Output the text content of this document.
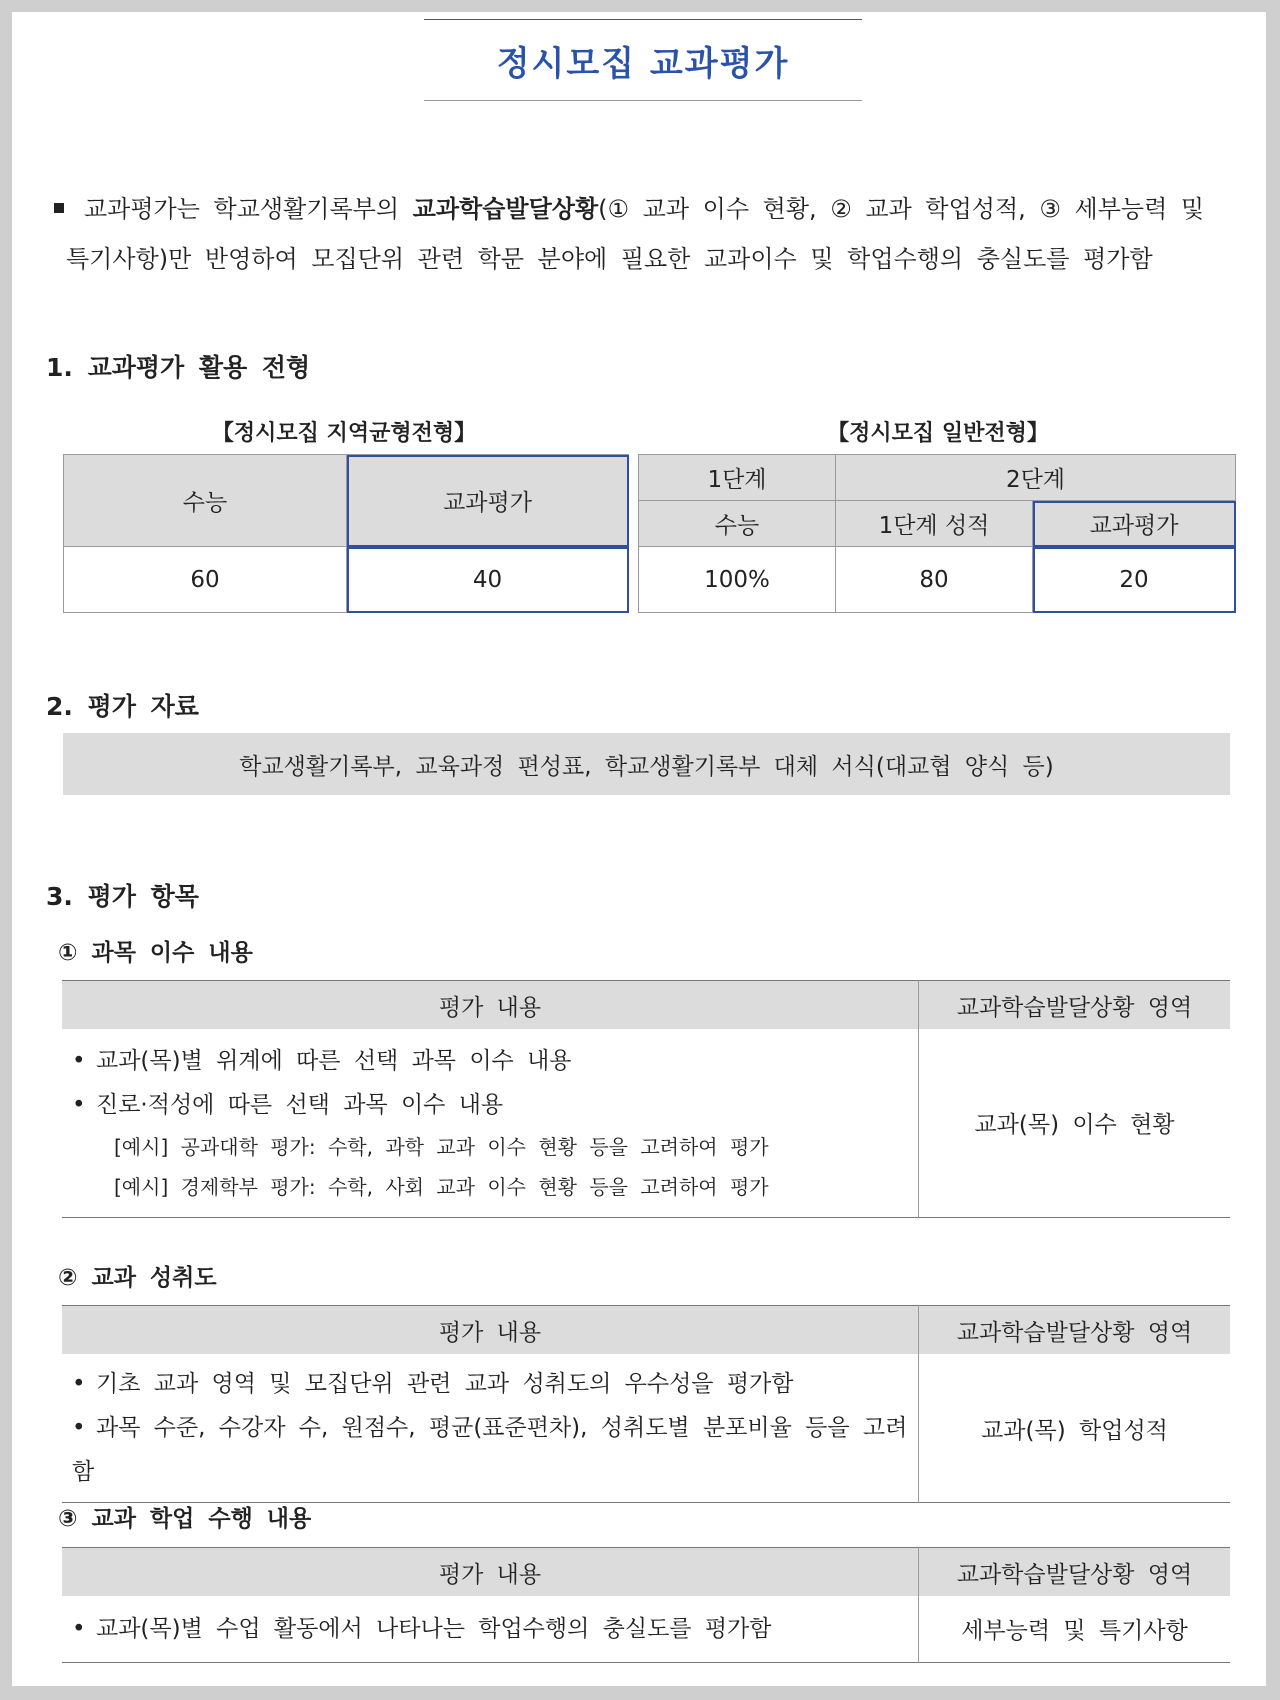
정시모집 교과평가
교과평가는 학교생활기록부의 교과학습발달상황(① 교과 이수 현황, ② 교과 학업성적, ③ 세부능력 및
특기사항)만 반영하여 모집단위 관련 학문 분야에 필요한 교과이수 및 학업수행의 충실도를 평가함
1. 교과평가 활용 전형
【정시모집 지역균형전형】	【정시모집 일반전형】
수능	교과평가
60	40
1단계	2단계	
수능	1단계 성적	교과평가
100%	80	20
2. 평가 자료
학교생활기록부, 교육과정 편성표, 학교생활기록부 대체 서식(대교협 양식 등)
3. 평가 항목
① 과목 이수 내용
평가 내용	교과학습발달상황 영역

• 교과(목)별 위계에 따른 선택 과목 이수 내용
• 진로·적성에 따른 선택 과목 이수 내용
[예시] 공과대학 평가: 수학, 과학 교과 이수 현황 등을 고려하여 평가
[예시] 경제학부 평가: 수학, 사회 교과 이수 현황 등을 고려하여 평가	교과(목) 이수 현황
② 교과 성취도
평가 내용	교과학습발달상황 영역

• 기초 교과 영역 및 모집단위 관련 교과 성취도의 우수성을 평가함
• 과목 수준, 수강자 수, 원점수, 평균(표준편차), 성취도별 분포비율 등을 고려함	교과(목) 학업성적
③ 교과 학업 수행 내용
평가 내용	교과학습발달상황 영역

• 교과(목)별 수업 활동에서 나타나는 학업수행의 충실도를 평가함	세부능력 및 특기사항
